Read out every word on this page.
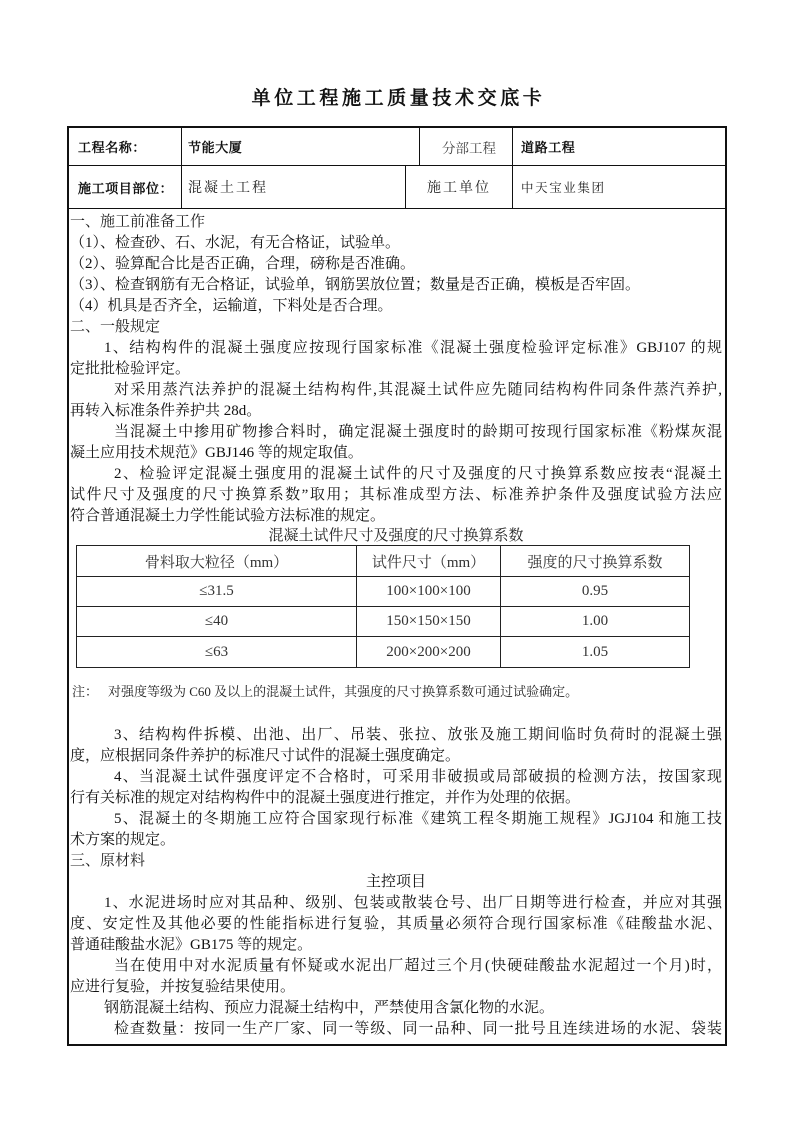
单位工程施工质量技术交底卡
工程名称：	节能大厦	分部工程	道路工程
施工项目部位：	混凝土工程	施工单位	中天宝业集团
一、施工前准备工作
（1）、检查砂、石、水泥，有无合格证，试验单。
（2）、验算配合比是否正确，合理，磅称是否准确。
（3）、检查钢筋有无合格证，试验单，钢筋罢放位置；数量是否正确，模板是否牢固。
（4）机具是否齐全，运输道，下料处是否合理。
二、一般规定
1、结构构件的混凝土强度应按现行国家标准《混凝土强度检验评定标准》GBJ107 的规
定批批检验评定。
对采用蒸汽法养护的混凝土结构构件,其混凝土试件应先随同结构构件同条件蒸汽养护,
再转入标准条件养护共 28d。
当混凝土中掺用矿物掺合料时，确定混凝土强度时的龄期可按现行国家标准《粉煤灰混
凝土应用技术规范》GBJ146 等的规定取值。
2、检验评定混凝土强度用的混凝土试件的尺寸及强度的尺寸换算系数应按表“混凝土
试件尺寸及强度的尺寸换算系数”取用；其标准成型方法、标准养护条件及强度试验方法应
符合普通混凝土力学性能试验方法标准的规定。
混凝土试件尺寸及强度的尺寸换算系数
骨料取大粒径（mm）	试件尺寸（mm）	强度的尺寸换算系数
≤31.5	100×100×100	0.95
≤40	150×150×150	1.00
≤63	200×200×200	1.05
注： 对强度等级为 C60 及以上的混凝土试件，其强度的尺寸换算系数可通过试验确定。
3、结构构件拆模、出池、出厂、吊装、张拉、放张及施工期间临时负荷时的混凝土强
度，应根据同条件养护的标准尺寸试件的混凝土强度确定。
4、当混凝土试件强度评定不合格时，可采用非破损或局部破损的检测方法，按国家现
行有关标准的规定对结构构件中的混凝土强度进行推定，并作为处理的依据。
5、混凝土的冬期施工应符合国家现行标准《建筑工程冬期施工规程》JGJ104 和施工技
术方案的规定。
三、原材料
主控项目
1、水泥进场时应对其品种、级别、包装或散装仓号、出厂日期等进行检查，并应对其强
度、安定性及其他必要的性能指标进行复验，其质量必须符合现行国家标准《硅酸盐水泥、
普通硅酸盐水泥》GB175 等的规定。
当在使用中对水泥质量有怀疑或水泥出厂超过三个月(快硬硅酸盐水泥超过一个月)时，
应进行复验，并按复验结果使用。
钢筋混凝土结构、预应力混凝土结构中，严禁使用含氯化物的水泥。
检查数量：按同一生产厂家、同一等级、同一品种、同一批号且连续进场的水泥、袋装
